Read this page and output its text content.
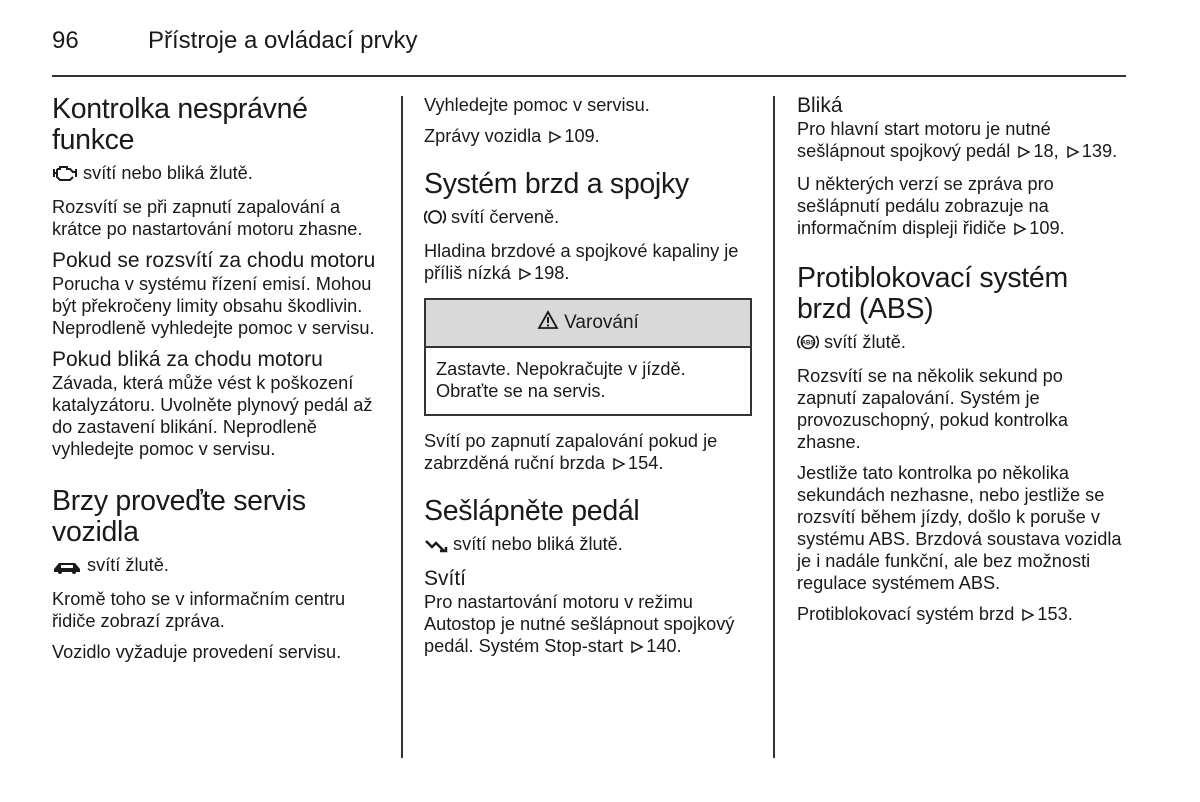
96	Přístroje a ovládací prvky
Kontrolka nesprávné funkce

svítí nebo bliká žlutě.

Rozsvítí se při zapnutí zapalování a krátce po nastartování motoru zhasne.

Pokud se rozsvítí za chodu motoru

Porucha v systému řízení emisí. Mohou být překročeny limity obsahu škodlivin. Neprodleně vyhledejte pomoc v servisu.

Pokud bliká za chodu motoru

Závada, která může vést k poškození katalyzátoru. Uvolněte plynový pedál až do zastavení blikání. Neprodleně vyhledejte pomoc v servisu.

Brzy proveďte servis vozidla

svítí žlutě.

Kromě toho se v informačním centru řidiče zobrazí zpráva.

Vozidlo vyžaduje provedení servisu.

Vyhledejte pomoc v servisu.

Zprávy vozidla 109.

Systém brzd a spojky

svítí červeně.

Hladina brzdové a spojkové kapaliny je příliš nízká 198.

Varování
Zastavte. Nepokračujte v jízdě. Obraťte se na servis.

Svítí po zapnutí zapalování pokud je zabrzděná ruční brzda 154.

Sešlápněte pedál

svítí nebo bliká žlutě.

Svítí

Pro nastartování motoru v režimu Autostop je nutné sešlápnout spojkový pedál. Systém Stop-start 140.

Bliká

Pro hlavní start motoru je nutné sešlápnout spojkový pedál 18, 139.

U některých verzí se zpráva pro sešlápnutí pedálu zobrazuje na informačním displeji řidiče 109.

Protiblokovací systém brzd (ABS)

ABS svítí žlutě.

Rozsvítí se na několik sekund po zapnutí zapalování. Systém je provozuschopný, pokud kontrolka zhasne.

Jestliže tato kontrolka po několika sekundách nezhasne, nebo jestliže se rozsvítí během jízdy, došlo k poruše v systému ABS. Brzdová soustava vozidla je i nadále funkční, ale bez možnosti regulace systémem ABS.

Protiblokovací systém brzd 153.
